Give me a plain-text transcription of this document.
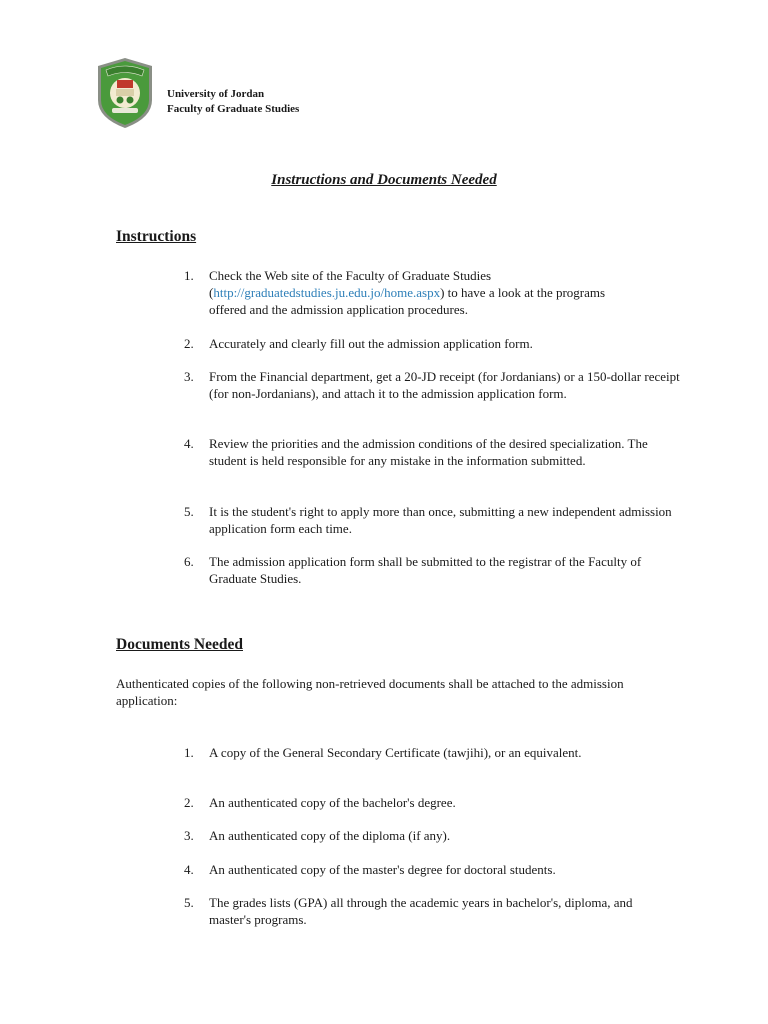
University of Jordan
Faculty of Graduate Studies
Instructions and Documents Needed
Instructions
1.	Check the Web site of the Faculty of Graduate Studies (http://graduatedstudies.ju.edu.jo/home.aspx) to have a look at the programs offered and the admission application procedures.
2.	Accurately and clearly fill out the admission application form.
3.	From the Financial department, get a 20-JD receipt (for Jordanians) or a 150-dollar receipt (for non-Jordanians), and attach it to the admission application form.
4.	Review the priorities and the admission conditions of the desired specialization. The student is held responsible for any mistake in the information submitted.
5.	It is the student's right to apply more than once, submitting a new independent admission application form each time.
6.	The admission application form shall be submitted to the registrar of the Faculty of Graduate Studies.
Documents Needed
Authenticated copies of the following non-retrieved documents shall be attached to the admission application:
1.	A copy of the General Secondary Certificate (tawjihi), or an equivalent.
2.	An authenticated copy of the bachelor's degree.
3.	An authenticated copy of the diploma (if any).
4.	An authenticated copy of the master's degree for doctoral students.
5.	The grades lists (GPA) all through the academic years in bachelor's, diploma, and master's programs.
